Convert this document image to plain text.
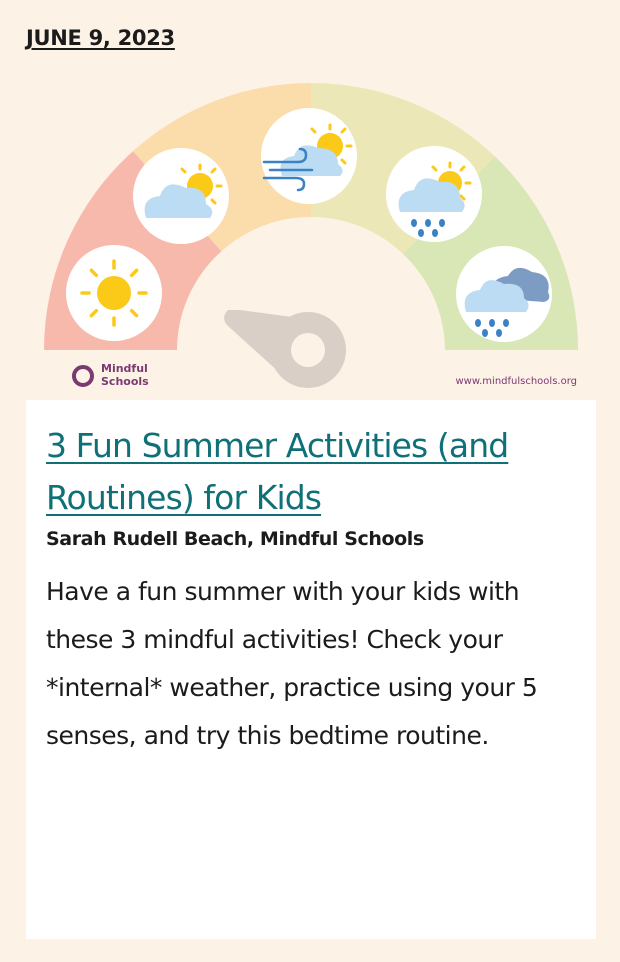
JUNE 9, 2023
Mindful
Schools	www.mindfulschools.org
3 Fun Summer Activities (and Routines) for Kids

Sarah Rudell Beach, Mindful Schools

Have a fun summer with your kids with these 3 mindful activities! Check your *internal* weather, practice using your 5 senses, and try this bedtime routine.
